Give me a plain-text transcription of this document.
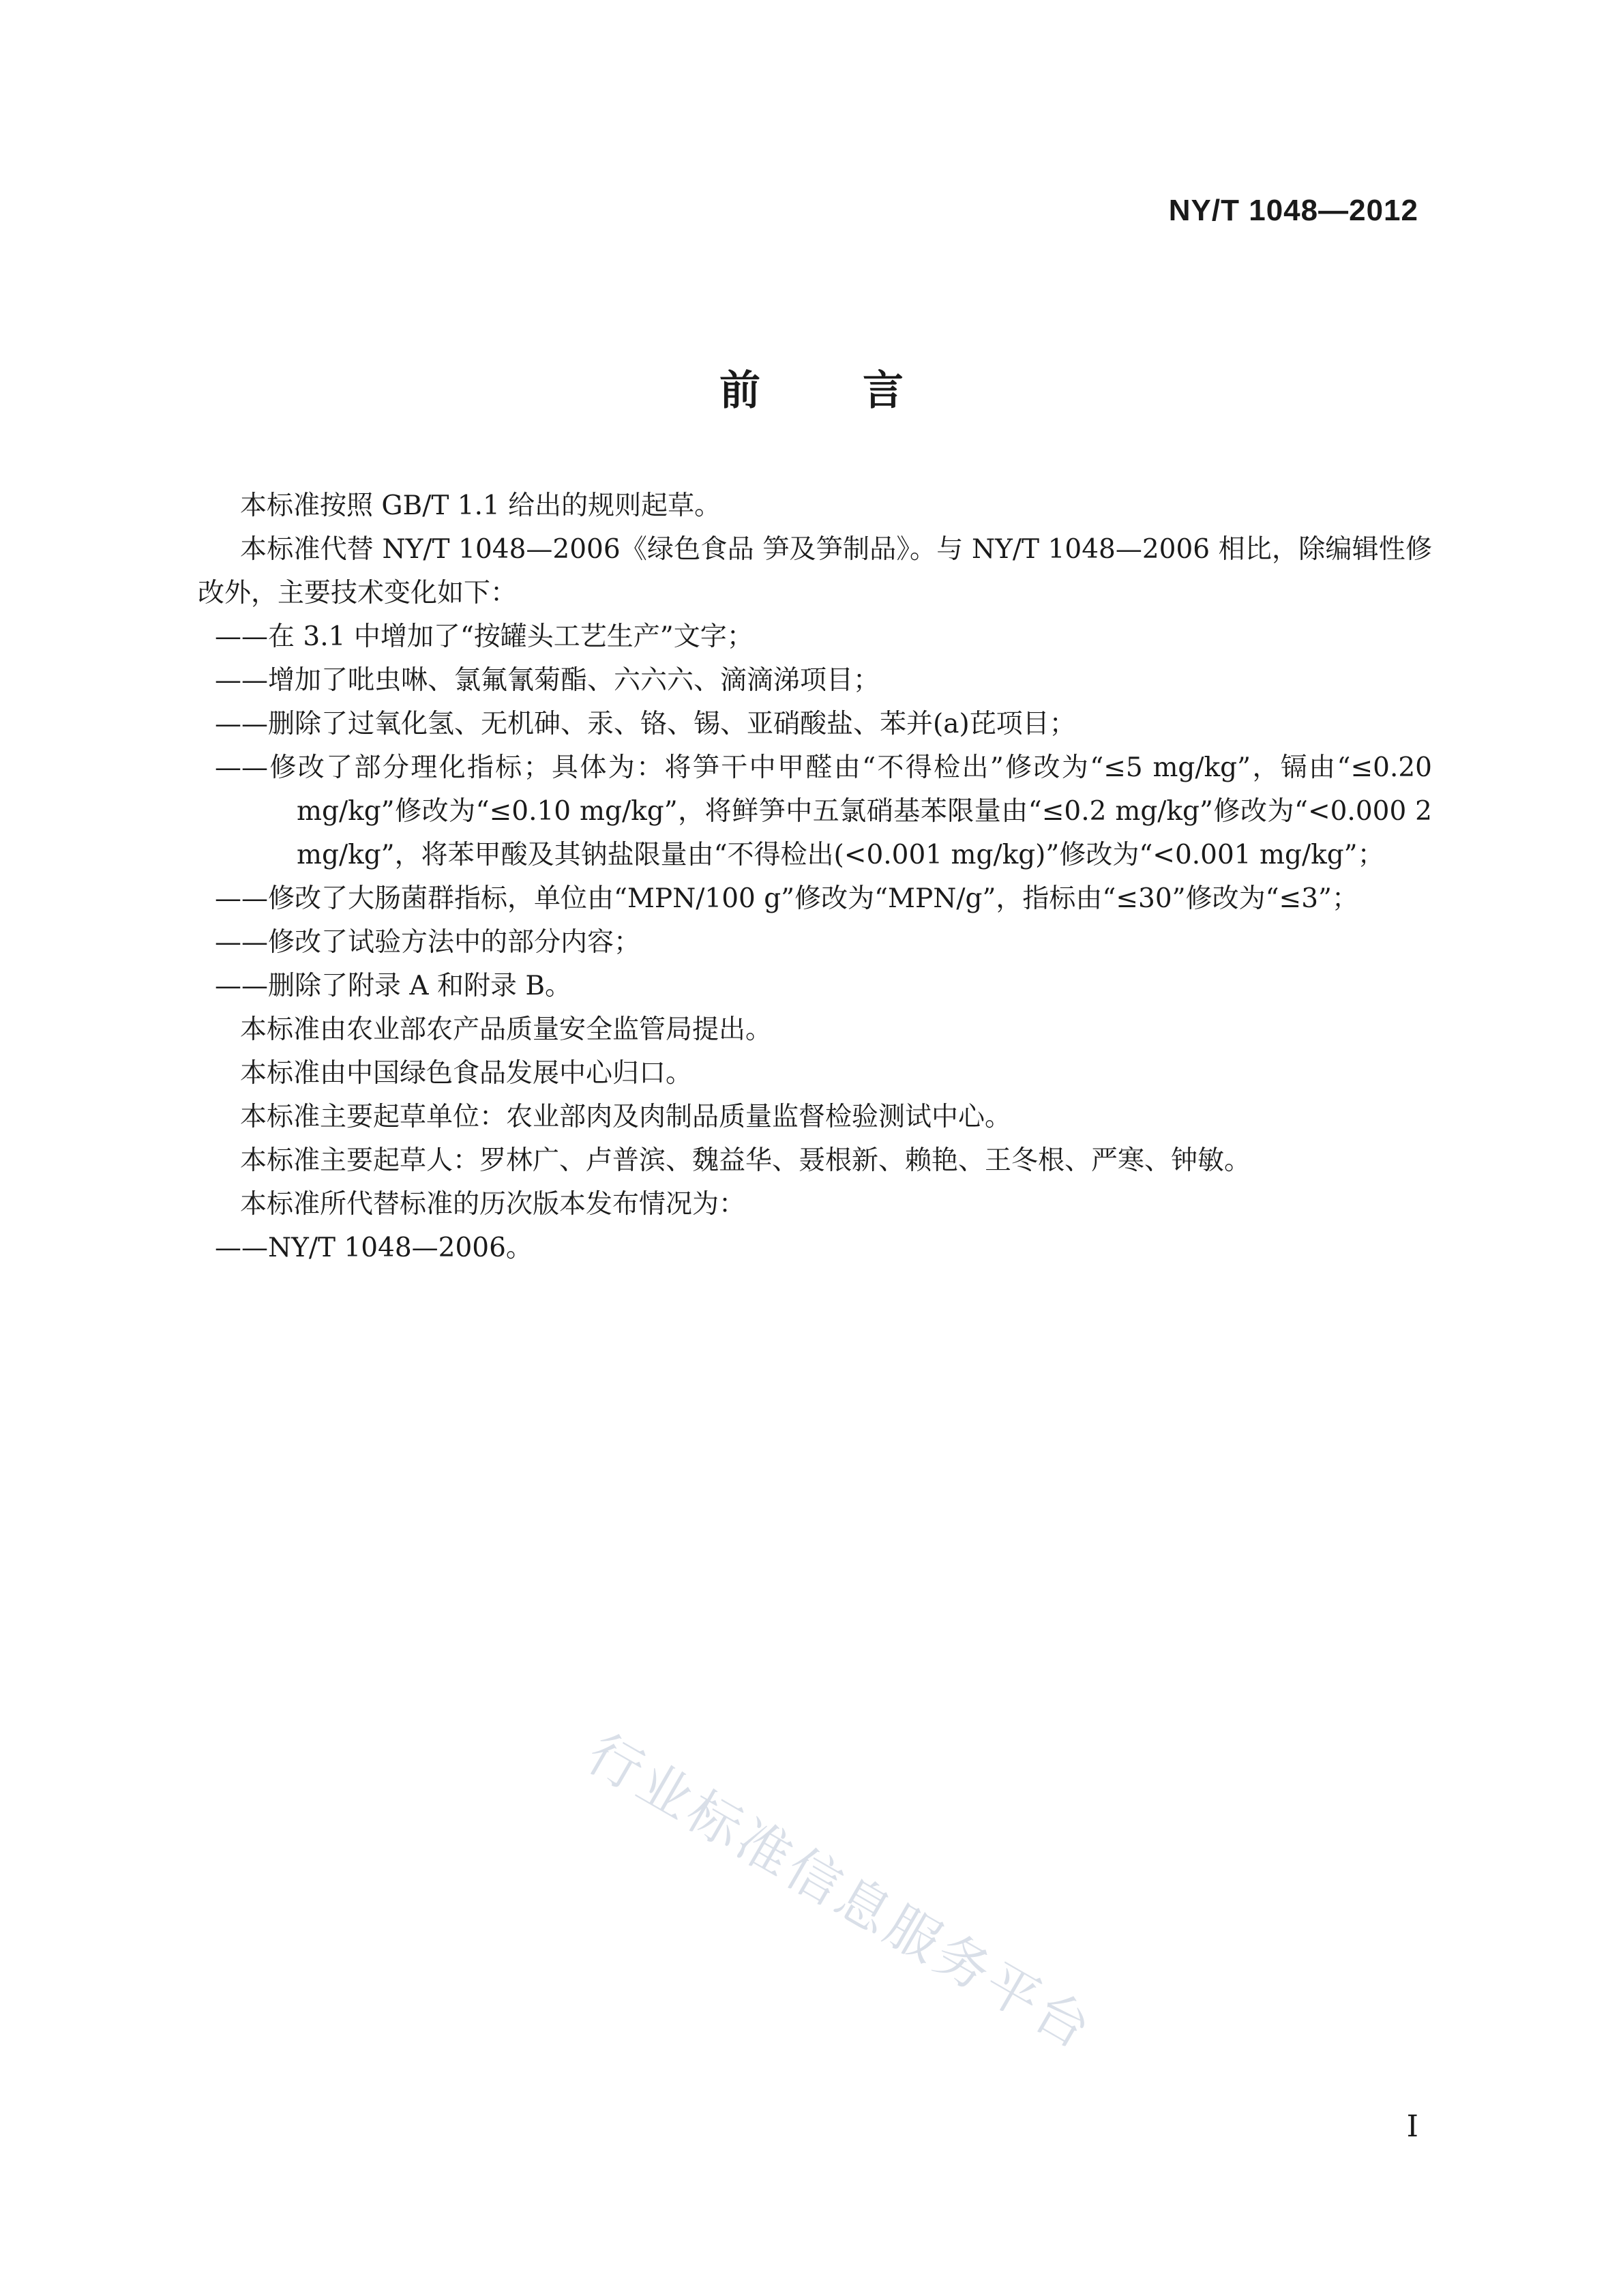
NY/T 1048—2012
前言

本标准按照 GB/T 1.1 给出的规则起草。

本标准代替 NY/T 1048—2006《绿色食品 笋及笋制品》。与 NY/T 1048—2006 相比，除编辑性修改外，主要技术变化如下：

——在 3.1 中增加了“按罐头工艺生产”文字；

——增加了吡虫啉、氯氟氰菊酯、六六六、滴滴涕项目；

——删除了过氧化氢、无机砷、汞、铬、锡、亚硝酸盐、苯并(a)芘项目；

——修改了部分理化指标；具体为：将笋干中甲醛由“不得检出”修改为“≤5 mg/kg”，镉由“≤0.20 mg/kg”修改为“≤0.10 mg/kg”，将鲜笋中五氯硝基苯限量由“≤0.2 mg/kg”修改为“<0.000 2 mg/kg”，将苯甲酸及其钠盐限量由“不得检出(<0.001 mg/kg)”修改为“<0.001 mg/kg”；

——修改了大肠菌群指标，单位由“MPN/100 g”修改为“MPN/g”，指标由“≤30”修改为“≤3”；

——修改了试验方法中的部分内容；

——删除了附录 A 和附录 B。

本标准由农业部农产品质量安全监管局提出。

本标准由中国绿色食品发展中心归口。

本标准主要起草单位：农业部肉及肉制品质量监督检验测试中心。

本标准主要起草人：罗林广、卢普滨、魏益华、聂根新、赖艳、王冬根、严寒、钟敏。

本标准所代替标准的历次版本发布情况为：

——NY/T 1048—2006。

行业标准信息服务平台
I
